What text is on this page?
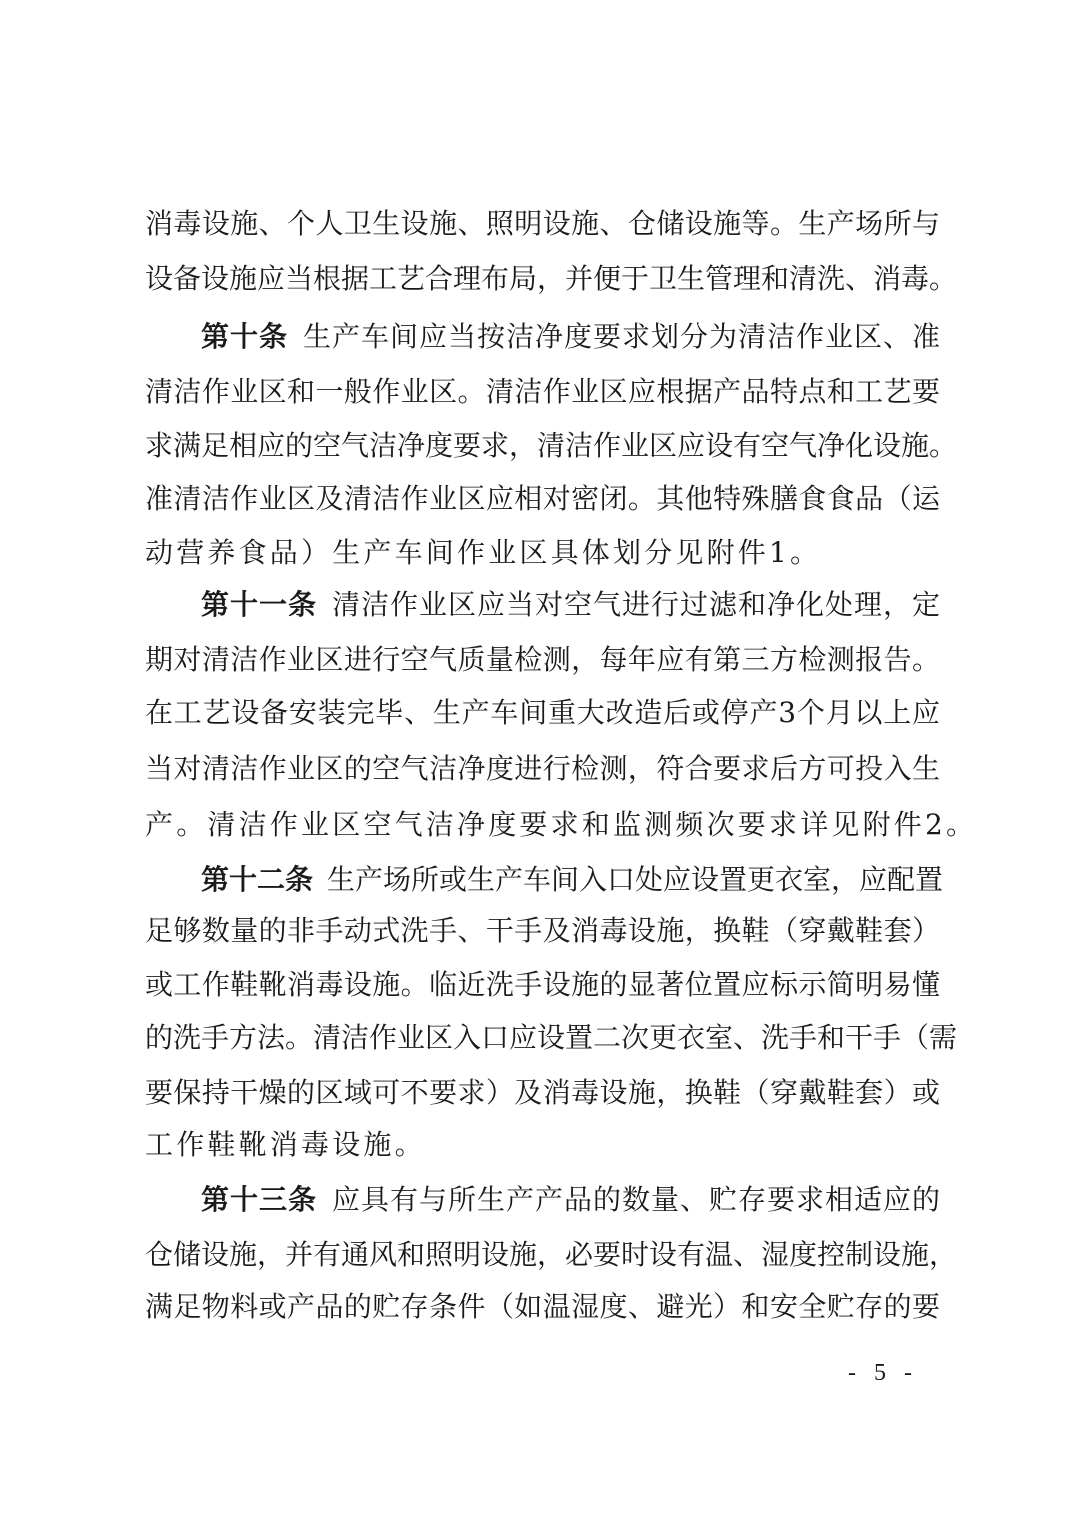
消毒设施、个人卫生设施、照明设施、仓储设施等。生产场所与
设备设施应当根据工艺合理布局，并便于卫生管理和清洗、消毒。
第十条  生产车间应当按洁净度要求划分为清洁作业区、准
清洁作业区和一般作业区。清洁作业区应根据产品特点和工艺要
求满足相应的空气洁净度要求，清洁作业区应设有空气净化设施。
准清洁作业区及清洁作业区应相对密闭。其他特殊膳食食品（运
动营养食品）生产车间作业区具体划分见附件1。
第十一条  清洁作业区应当对空气进行过滤和净化处理，定
期对清洁作业区进行空气质量检测，每年应有第三方检测报告。
在工艺设备安装完毕、生产车间重大改造后或停产3个月以上应
当对清洁作业区的空气洁净度进行检测，符合要求后方可投入生
产。清洁作业区空气洁净度要求和监测频次要求详见附件2。
第十二条  生产场所或生产车间入口处应设置更衣室，应配置
足够数量的非手动式洗手、干手及消毒设施，换鞋（穿戴鞋套）
或工作鞋靴消毒设施。临近洗手设施的显著位置应标示简明易懂
的洗手方法。清洁作业区入口应设置二次更衣室、洗手和干手（需
要保持干燥的区域可不要求）及消毒设施，换鞋（穿戴鞋套）或
工作鞋靴消毒设施。
第十三条  应具有与所生产产品的数量、贮存要求相适应的
仓储设施，并有通风和照明设施，必要时设有温、湿度控制设施，
满足物料或产品的贮存条件（如温湿度、避光）和安全贮存的要
- 5 -
